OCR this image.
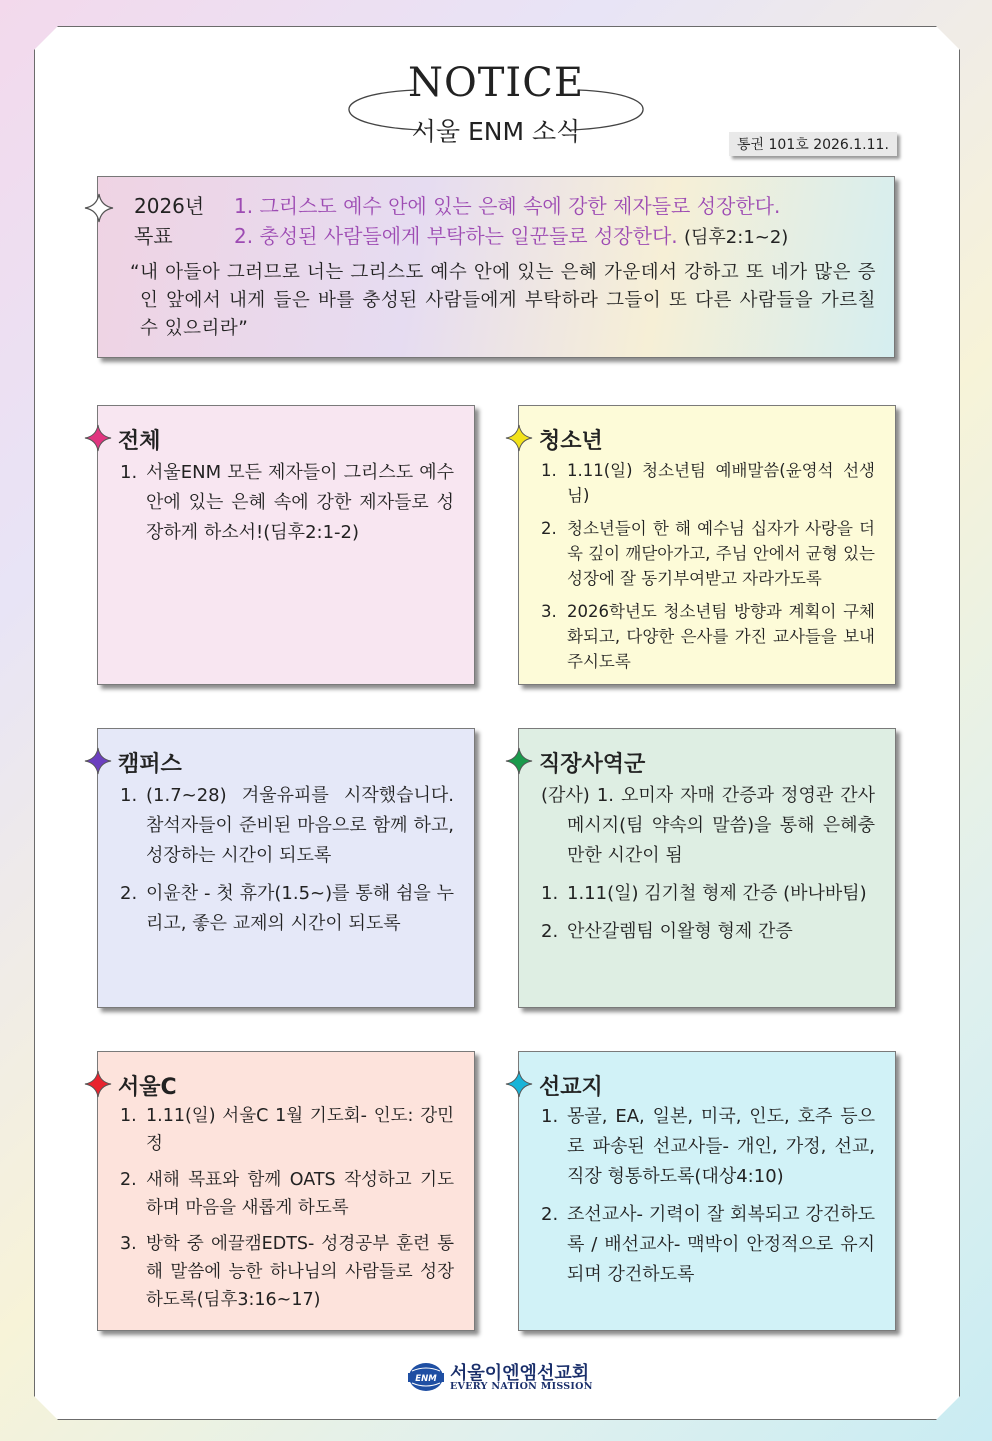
NOTICE
서울 ENM 소식	통권 101호 2026.1.11.
2026년
목표
1. 그리스도 예수 안에 있는 은혜 속에 강한 제자들로 성장한다.
2. 충성된 사람들에게 부탁하는 일꾼들로 성장한다. (딤후2:1~2)
“내 아들아 그러므로 너는 그리스도 예수 안에 있는 은혜 가운데서 강하고 또 네가 많은 증인 앞에서 내게 들은 바를 충성된 사람들에게 부탁하라 그들이 또 다른 사람들을 가르칠 수 있으리라”
전체
1. 서울ENM 모든 제자들이 그리스도 예수 안에 있는 은혜 속에 강한 제자들로 성장하게 하소서!(딤후2:1-2)
청소년
1. 1.11(일) 청소년팀 예배말씀(윤영석 선생님)
2. 청소년들이 한 해 예수님 십자가 사랑을 더욱 깊이 깨닫아가고, 주님 안에서 균형 있는 성장에 잘 동기부여받고 자라가도록
3. 2026학년도 청소년팀 방향과 계획이 구체화되고, 다양한 은사를 가진 교사들을 보내 주시도록
캠퍼스
1. (1.7~28) 겨울유피를 시작했습니다. 참석자들이 준비된 마음으로 함께 하고, 성장하는 시간이 되도록
2. 이윤찬 - 첫 휴가(1.5~)를 통해 쉼을 누리고, 좋은 교제의 시간이 되도록
직장사역군
(감사) 1. 오미자 자매 간증과 정영관 간사 메시지(팀 약속의 말씀)을 통해 은혜충만한 시간이 됨
1. 1.11(일) 김기철 형제 간증 (바나바팀)
2. 안산갈렘팀 이왈형 형제 간증
서울C
1. 1.11(일) 서울C 1월 기도회- 인도: 강민정
2. 새해 목표와 함께 OATS 작성하고 기도하며 마음을 새롭게 하도록
3. 방학 중 에끌캠EDTS- 성경공부 훈련 통해 말씀에 능한 하나님의 사람들로 성장하도록(딤후3:16~17)
선교지
1. 몽골, EA, 일본, 미국, 인도, 호주 등으로 파송된 선교사들- 개인, 가정, 선교, 직장 형통하도록(대상4:10)
2. 조선교사- 기력이 잘 회복되고 강건하도록 / 배선교사- 맥박이 안정적으로 유지되며 강건하도록
ENM 서울이엔엠선교회
EVERY NATION MISSION
